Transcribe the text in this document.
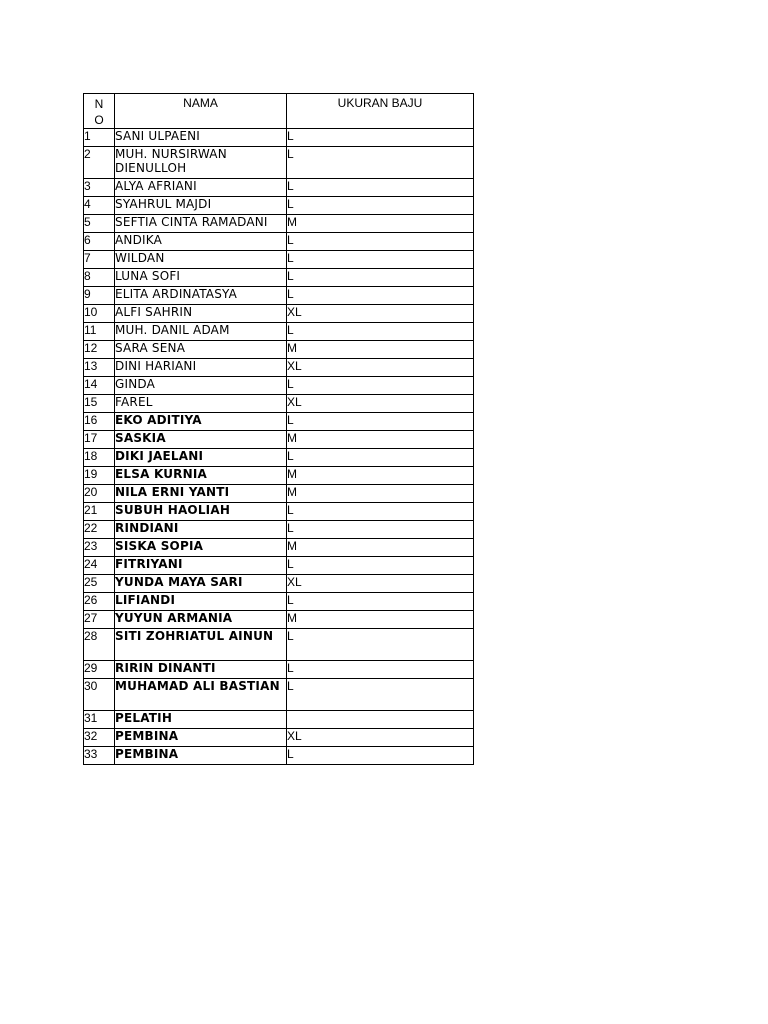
NO	NAMA	UKURAN BAJU
1	SANI ULPAENI	L
2	MUH. NURSIRWAN DIENULLOH	L
3	ALYA AFRIANI	L
4	SYAHRUL MAJDI	L
5	SEFTIA CINTA RAMADANI	M
6	ANDIKA	L
7	WILDAN	L
8	LUNA SOFI	L
9	ELITA ARDINATASYA	L
10	ALFI SAHRIN	XL
11	MUH. DANIL ADAM	L
12	SARA SENA	M
13	DINI HARIANI	XL
14	GINDA	L
15	FAREL	XL
16	EKO ADITIYA	L
17	SASKIA	M
18	DIKI JAELANI	L
19	ELSA KURNIA	M
20	NILA ERNI YANTI	M
21	SUBUH HAOLIAH	L
22	RINDIANI	L
23	SISKA SOPIA	M
24	FITRIYANI	L
25	YUNDA MAYA SARI	XL
26	LIFIANDI	L
27	YUYUN ARMANIA	M
28	SITI ZOHRIATUL AINUN	L
29	RIRIN DINANTI	L
30	MUHAMAD ALI BASTIAN	L
31	PELATIH	
32	PEMBINA	XL
33	PEMBINA	L
